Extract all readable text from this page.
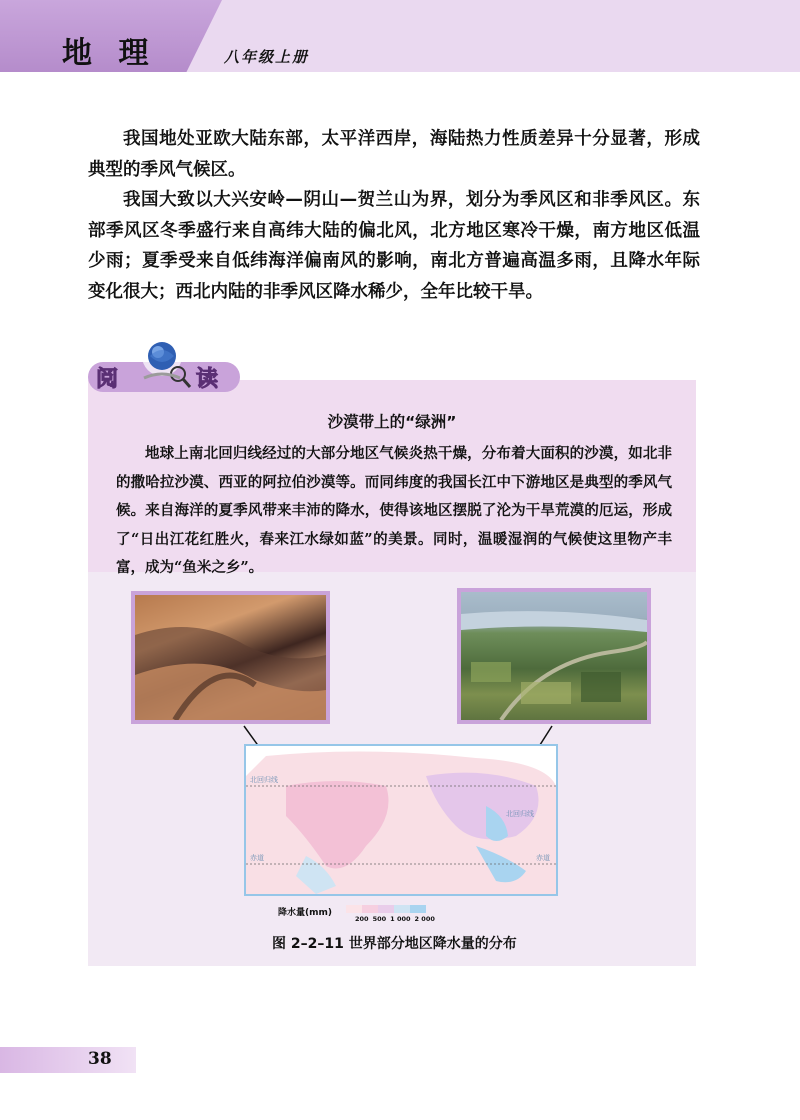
地 理	八年级上册

我国地处亚欧大陆东部，太平洋西岸，海陆热力性质差异十分显著，形成典型的季风气候区。

我国大致以大兴安岭—阴山—贺兰山为界，划分为季风区和非季风区。东部季风区冬季盛行来自高纬大陆的偏北风，北方地区寒冷干燥，南方地区低温少雨；夏季受来自低纬海洋偏南风的影响，南北方普遍高温多雨，且降水年际变化很大；西北内陆的非季风区降水稀少，全年比较干旱。

阅	读
沙漠带上的“绿洲”

地球上南北回归线经过的大部分地区气候炎热干燥，分布着大面积的沙漠，如北非的撒哈拉沙漠、西亚的阿拉伯沙漠等。而同纬度的我国长江中下游地区是典型的季风气候。来自海洋的夏季风带来丰沛的降水，使得该地区摆脱了沦为干旱荒漠的厄运，形成了“日出江花红胜火，春来江水绿如蓝”的美景。同时，温暖湿润的气候使这里物产丰富，成为“鱼米之乡”。

北回归线
北回归线
赤道	赤道
降水量(mm)
200 500 1 000 2 000
图 2–2–11 世界部分地区降水量的分布
38
